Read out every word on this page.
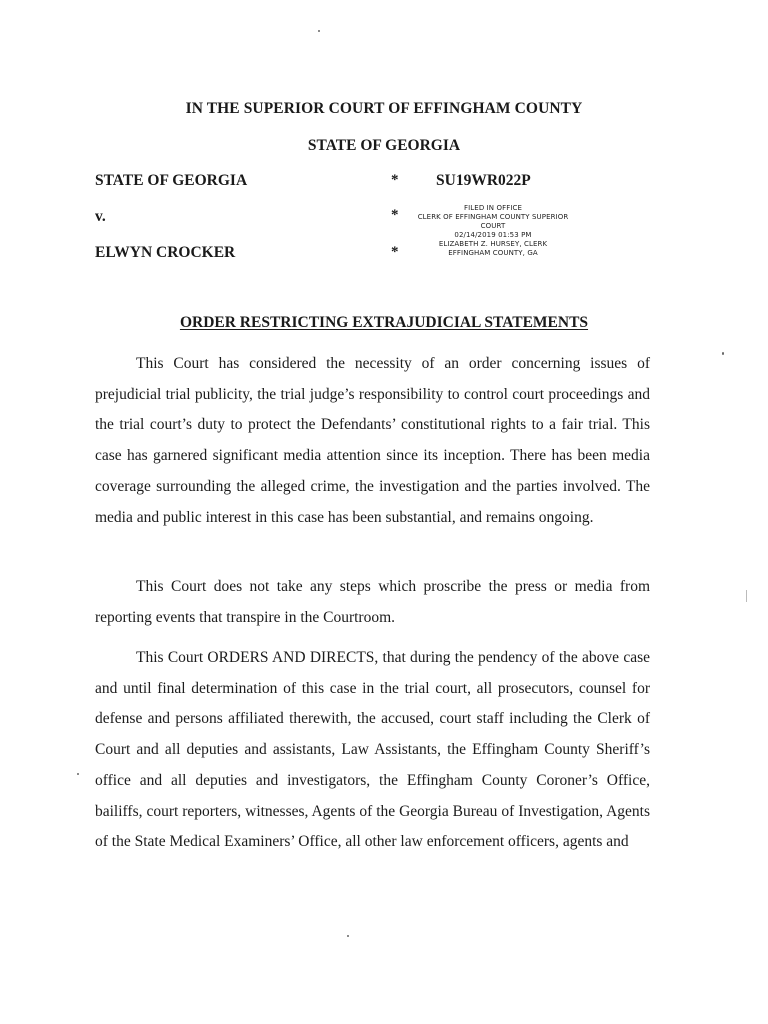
IN THE SUPERIOR COURT OF EFFINGHAM COUNTY
STATE OF GEORGIA
STATE OF GEORGIA
v.
ELWYN CROCKER
*
*
*
SU19WR022P
FILED IN OFFICE
CLERK OF EFFINGHAM COUNTY SUPERIOR
COURT
02/14/2019 01:53 PM
ELIZABETH Z. HURSEY, CLERK
EFFINGHAM COUNTY, GA
ORDER RESTRICTING EXTRAJUDICIAL STATEMENTS
This Court has considered the necessity of an order concerning issues of prejudicial trial publicity, the trial judge’s responsibility to control court proceedings and the trial court’s duty to protect the Defendants’ constitutional rights to a fair trial. This case has garnered significant media attention since its inception. There has been media coverage surrounding the alleged crime, the investigation and the parties involved. The media and public interest in this case has been substantial, and remains ongoing.
This Court does not take any steps which proscribe the press or media from reporting events that transpire in the Courtroom.
This Court ORDERS AND DIRECTS, that during the pendency of the above case and until final determination of this case in the trial court, all prosecutors, counsel for defense and persons affiliated therewith, the accused, court staff including the Clerk of Court and all deputies and assistants, Law Assistants, the Effingham County Sheriff’s office and all deputies and investigators, the Effingham County Coroner’s Office, bailiffs, court reporters, witnesses, Agents of the Georgia Bureau of Investigation, Agents of the State Medical Examiners’ Office, all other law enforcement officers, agents and
